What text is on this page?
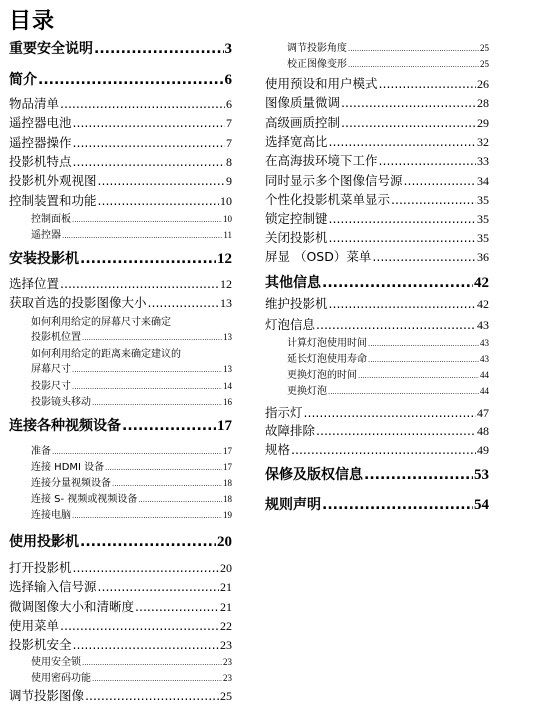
目录
重要安全说明 .....	3
简介 .....	6
物品清单 .....	6
遥控器电池 .....	7
遥控器操作 .....	7
投影机特点 .....	8
投影机外观视图 .....	9
控制装置和功能 .....	10
控制面板 .....	10
遥控器 .....	11
安装投影机 .....	12
选择位置 .....	12
获取首选的投影图像大小 .....	13
如何利用给定的屏幕尺寸来确定
投影机位置 .....	13
如何利用给定的距离来确定建议的
屏幕尺寸 .....	13
投影尺寸 .....	14
投影镜头移动 .....	16
连接各种视频设备 .....	17
准备 .....	17
连接 HDMI 设备 .....	17
连接分量视频设备 .....	18
连接 S- 视频或视频设备 .....	18
连接电脑 .....	19
使用投影机 .....	20
打开投影机 .....	20
选择输入信号源 .....	21
微调图像大小和清晰度 .....	21
使用菜单 .....	22
投影机安全 .....	23
使用安全锁 .....	23
使用密码功能 .....	23
调节投影图像 .....	25
调节投影角度 .....	25
校正图像变形 .....	25
使用预设和用户模式 .....	26
图像质量微调 .....	28
高级画质控制 .....	29
选择宽高比 .....	32
在高海拔环境下工作 .....	33
同时显示多个图像信号源 .....	34
个性化投影机菜单显示 .....	35
锁定控制键 .....	35
关闭投影机 .....	35
屏显 （OSD）菜单 .....	36
其他信息 .....	42
维护投影机 .....	42
灯泡信息 .....	43
计算灯泡使用时间 .....	43
延长灯泡使用寿命 .....	43
更换灯泡的时间 .....	44
更换灯泡 .....	44
指示灯 .....	47
故障排除 .....	48
规格 .....	49
保修及版权信息 .....	53
规则声明 .....	54
